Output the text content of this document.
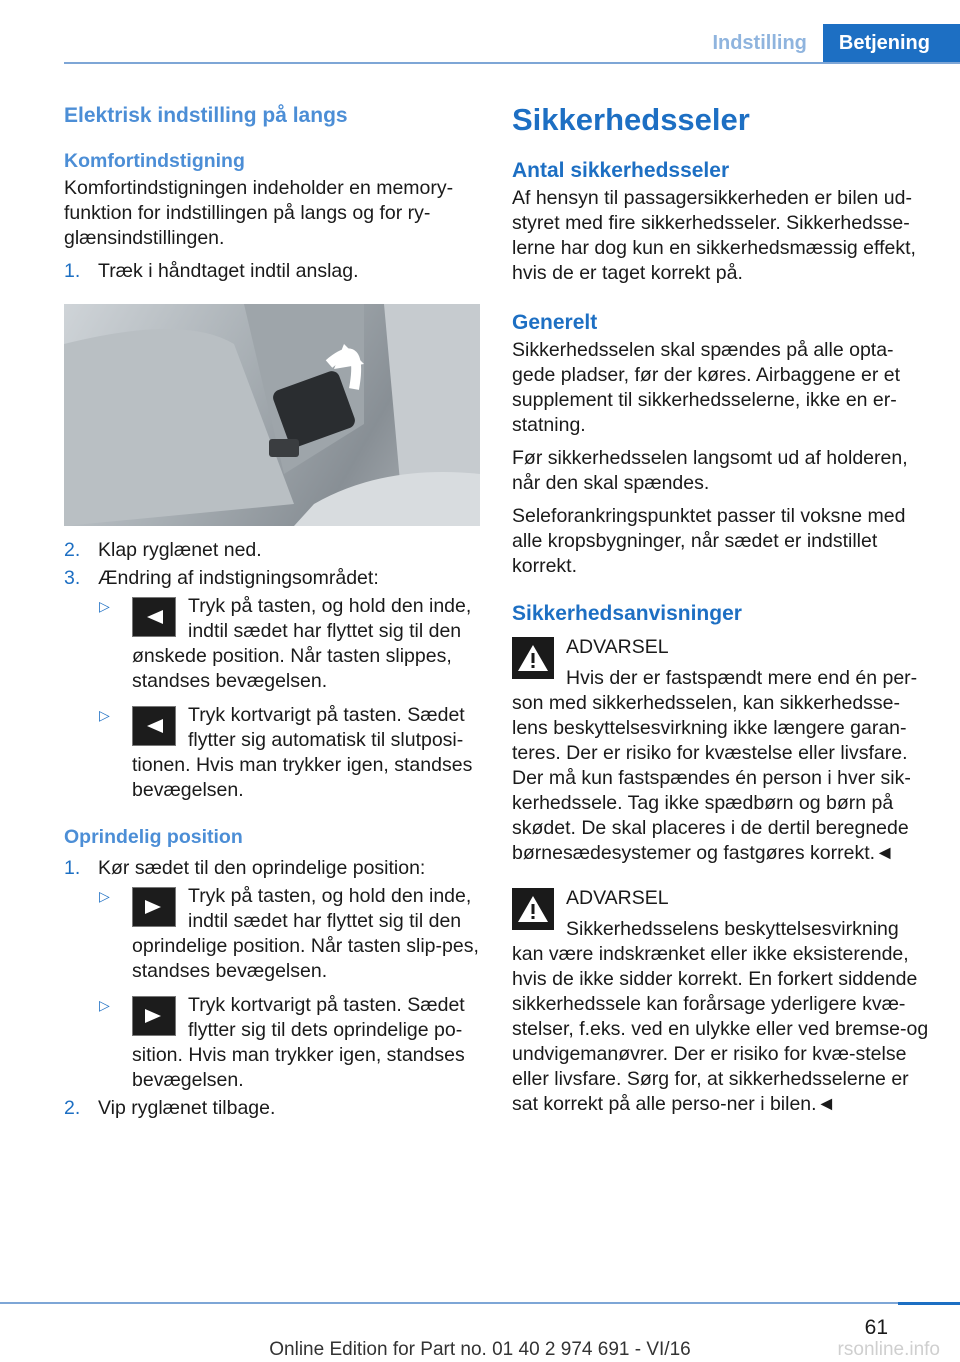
Indstilling	Betjening

Elektrisk indstilling på langs

Komfortindstigning

Komfortindstigningen indeholder en memory-funktion for indstillingen på langs og for ry-glænsindstillingen.

1. Træk i håndtaget indtil anslag.
2. Klap ryglænet ned.
3. Ændring af indstigningsområdet:
▷	Tryk på tasten, og hold den inde, indtil sædet har flyttet sig til den ønskede position. Når tasten slippes, standses bevægelsen.
▷	Tryk kortvarigt på tasten. Sædet flytter sig automatisk til slutposi-tionen. Hvis man trykker igen, standses bevægelsen.

Oprindelig position

1. Kør sædet til den oprindelige position:
▷	Tryk på tasten, og hold den inde, indtil sædet har flyttet sig til den oprindelige position. Når tasten slip-pes, standses bevægelsen.
▷	Tryk kortvarigt på tasten. Sædet flytter sig til dets oprindelige po-sition. Hvis man trykker igen, standses bevægelsen.
2. Vip ryglænet tilbage.

Sikkerhedsseler

Antal sikkerhedsseler

Af hensyn til passagersikkerheden er bilen ud-styret med fire sikkerhedsseler. Sikkerhedsse-lerne har dog kun en sikkerhedsmæssig effekt, hvis de er taget korrekt på.

Generelt

Sikkerhedsselen skal spændes på alle opta-gede pladser, før der køres. Airbaggene er et supplement til sikkerhedsselerne, ikke en er-statning.

Før sikkerhedsselen langsomt ud af holderen, når den skal spændes.

Seleforankringspunktet passer til voksne med alle kropsbygninger, når sædet er indstillet korrekt.

Sikkerhedsanvisninger

ADVARSEL

Hvis der er fastspændt mere end én per-son med sikkerhedsselen, kan sikkerhedsse-lens beskyttelsesvirkning ikke længere garan-teres. Der er risiko for kvæstelse eller livsfare. Der må kun fastspændes én person i hver sik-kerhedssele. Tag ikke spædbørn og børn på skødet. De skal placeres i de dertil beregnede børnesædesystemer og fastgøres korrekt.◄

ADVARSEL

Sikkerhedsselens beskyttelsesvirkning kan være indskrænket eller ikke eksisterende, hvis de ikke sidder korrekt. En forkert siddende sikkerhedssele kan forårsage yderligere kvæ-stelser, f.eks. ved en ulykke eller ved bremse-og undvigemanøvrer. Der er risiko for kvæ-stelse eller livsfare. Sørg for, at sikkerhedsselerne er sat korrekt på alle perso-ner i bilen.◄

61
Online Edition for Part no. 01 40 2 974 691 - VI/16	rsonline.info
